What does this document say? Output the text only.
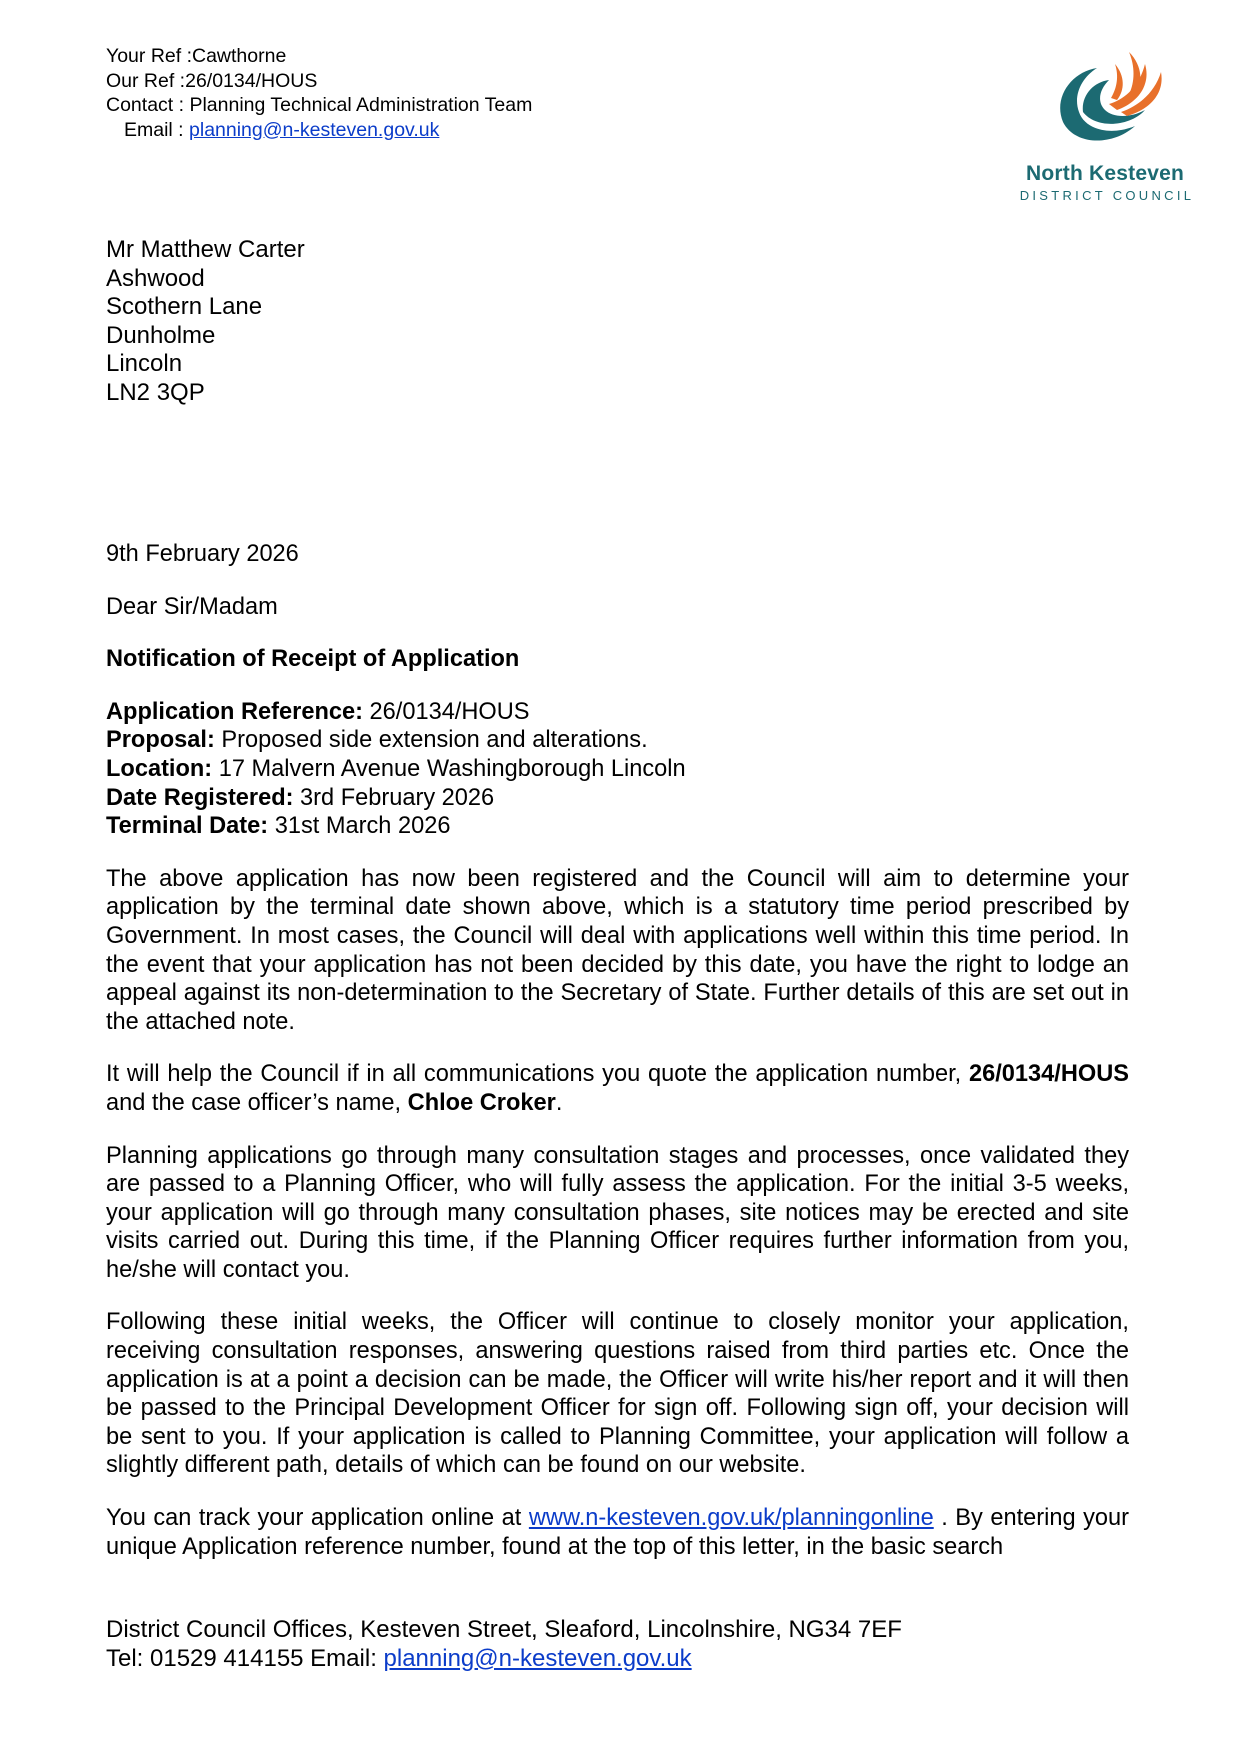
Your Ref :Cawthorne
Our Ref :26/0134/HOUS
Contact : Planning Technical Administration Team
Email : planning@n-kesteven.gov.uk
North Kesteven
DISTRICT COUNCIL
Mr Matthew Carter
Ashwood
Scothern Lane
Dunholme
Lincoln
LN2 3QP

9th February 2026

Dear Sir/Madam

Notification of Receipt of Application

Application Reference: 26/0134/HOUS

Proposal: Proposed side extension and alterations.

Location: 17 Malvern Avenue Washingborough Lincoln

Date Registered: 3rd February 2026

Terminal Date: 31st March 2026

The above application has now been registered and the Council will aim to determine your application by the terminal date shown above, which is a statutory time period prescribed by Government. In most cases, the Council will deal with applications well within this time period. In the event that your application has not been decided by this date, you have the right to lodge an appeal against its non-determination to the Secretary of State. Further details of this are set out in the attached note.

It will help the Council if in all communications you quote the application number, 26/0134/HOUS and the case officer’s name, Chloe Croker.

Planning applications go through many consultation stages and processes, once validated they are passed to a Planning Officer, who will fully assess the application. For the initial 3-5 weeks, your application will go through many consultation phases, site notices may be erected and site visits carried out. During this time, if the Planning Officer requires further information from you, he/she will contact you.

Following these initial weeks, the Officer will continue to closely monitor your application, receiving consultation responses, answering questions raised from third parties etc. Once the application is at a point a decision can be made, the Officer will write his/her report and it will then be passed to the Principal Development Officer for sign off. Following sign off, your decision will be sent to you. If your application is called to Planning Committee, your application will follow a slightly different path, details of which can be found on our website.

You can track your application online at www.n-kesteven.gov.uk/planningonline . By entering your unique Application reference number, found at the top of this letter, in the basic search

District Council Offices, Kesteven Street, Sleaford, Lincolnshire, NG34 7EF
Tel: 01529 414155 Email: planning@n-kesteven.gov.uk
